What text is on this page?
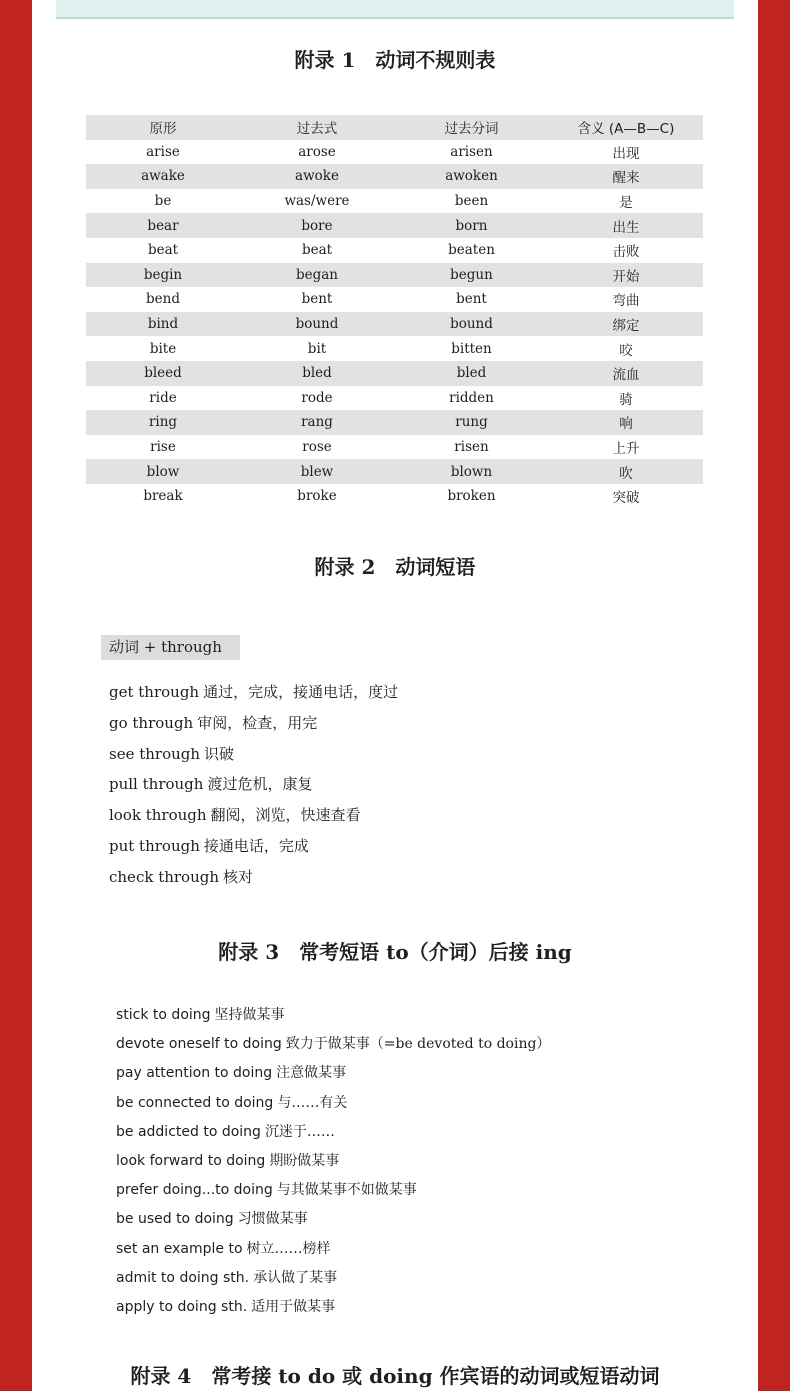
附录 1　动词不规则表
原形	过去式	过去分词	含义 (A—B—C)
arise	arose	arisen	出现
awake	awoke	awoken	醒来
be	was/were	been	是
bear	bore	born	出生
beat	beat	beaten	击败
begin	began	begun	开始
bend	bent	bent	弯曲
bind	bound	bound	绑定
bite	bit	bitten	咬
bleed	bled	bled	流血
ride	rode	ridden	骑
ring	rang	rung	响
rise	rose	risen	上升
blow	blew	blown	吹
break	broke	broken	突破
附录 2　动词短语
动词 + through
get through 通过，完成，接通电话，度过
go through 审阅，检查，用完
see through 识破
pull through 渡过危机，康复
look through 翻阅，浏览，快速查看
put through 接通电话，完成
check through 核对
附录 3　常考短语 to（介词）后接 ing
stick to doing 坚持做某事
devote oneself to doing 致力于做某事（=be devoted to doing）
pay attention to doing 注意做某事
be connected to doing 与……有关
be addicted to doing 沉迷于……
look forward to doing 期盼做某事
prefer doing...to doing 与其做某事不如做某事
be used to doing 习惯做某事
set an example to 树立……榜样
admit to doing sth. 承认做了某事
apply to doing sth. 适用于做某事
附录 4　常考接 to do 或 doing 作宾语的动词或短语动词
